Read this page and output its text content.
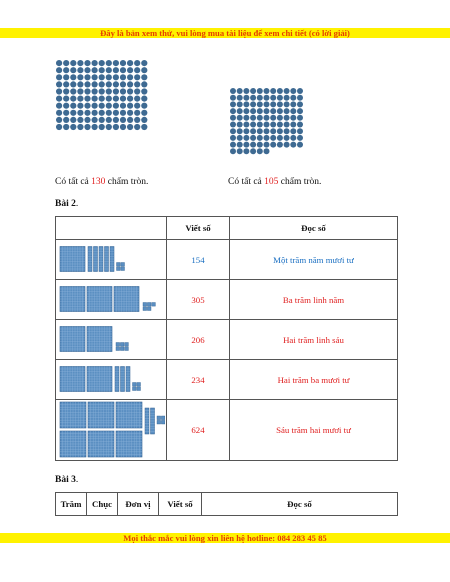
Đây là bản xem thử, vui lòng mua tài liệu để xem chi tiết (có lời giải)
Có tất cả 130 chấm tròn.	Có tất cả 105 chấm tròn.
Bài 2.
	Viết số	Đọc số
	154	Một trăm năm mươi tư
	305	Ba trăm linh năm
	206	Hai trăm linh sáu
	234	Hai trăm ba mươi tư
	624	Sáu trăm hai mươi tư
Bài 3.
Trăm	Chục	Đơn vị	Viết số	Đọc số
Mọi thắc mắc vui lòng xin liên hệ hotline: 084 283 45 85
